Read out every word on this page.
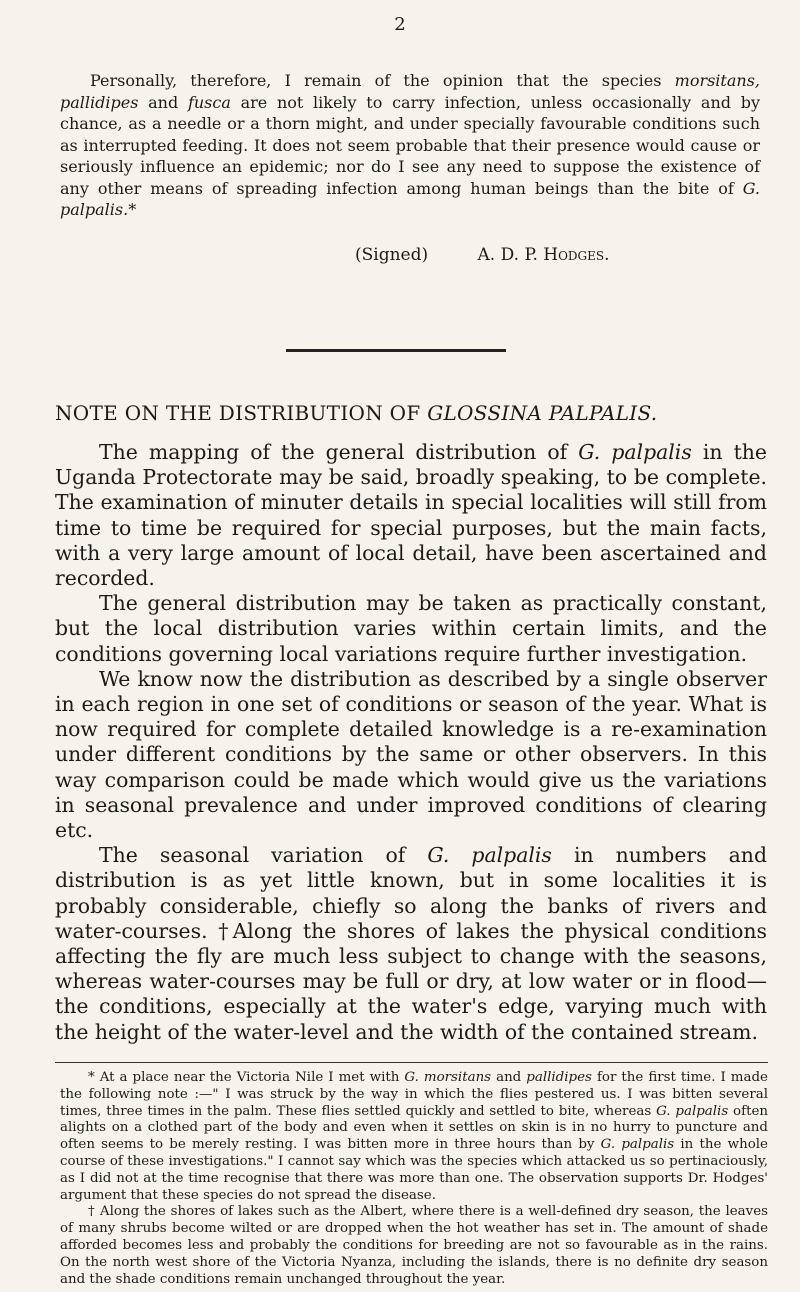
2

Personally, therefore, I remain of the opinion that the species morsitans, pallidipes and fusca are not likely to carry infection, unless occasionally and by chance, as a needle or a thorn might, and under specially favourable conditions such as interrupted feeding. It does not seem probable that their presence would cause or seriously influence an epidemic; nor do I see any need to suppose the existence of any other means of spreading infection among human beings than the bite of G. palpalis.*

(Signed)	A. D. P. Hodges.
NOTE ON THE DISTRIBUTION OF GLOSSINA PALPALIS.

The mapping of the general distribution of G. palpalis in the Uganda Protectorate may be said, broadly speaking, to be complete. The examination of minuter details in special localities will still from time to time be required for special purposes, but the main facts, with a very large amount of local detail, have been ascertained and recorded.

The general distribution may be taken as practically constant, but the local distribution varies within certain limits, and the conditions governing local variations require further investigation.

We know now the distribution as described by a single observer in each region in one set of conditions or season of the year. What is now required for complete detailed knowledge is a re-examination under different conditions by the same or other observers. In this way comparison could be made which would give us the variations in seasonal prevalence and under improved conditions of clearing etc.

The seasonal variation of G. palpalis in numbers and distribution is as yet little known, but in some localities it is probably considerable, chiefly so along the banks of rivers and water-courses. †Along the shores of lakes the physical conditions affecting the fly are much less subject to change with the seasons, whereas water-courses may be full or dry, at low water or in flood—the conditions, especially at the water's edge, varying much with the height of the water-level and the width of the contained stream.

* At a place near the Victoria Nile I met with G. morsitans and pallidipes for the first time. I made the following note :—" I was struck by the way in which the flies pestered us. I was bitten several times, three times in the palm. These flies settled quickly and settled to bite, whereas G. palpalis often alights on a clothed part of the body and even when it settles on skin is in no hurry to puncture and often seems to be merely resting. I was bitten more in three hours than by G. palpalis in the whole course of these investigations." I cannot say which was the species which attacked us so pertinaciously, as I did not at the time recognise that there was more than one. The observation supports Dr. Hodges' argument that these species do not spread the disease.

† Along the shores of lakes such as the Albert, where there is a well-defined dry season, the leaves of many shrubs become wilted or are dropped when the hot weather has set in. The amount of shade afforded becomes less and probably the conditions for breeding are not so favourable as in the rains. On the north west shore of the Victoria Nyanza, including the islands, there is no definite dry season and the shade conditions remain unchanged throughout the year.
